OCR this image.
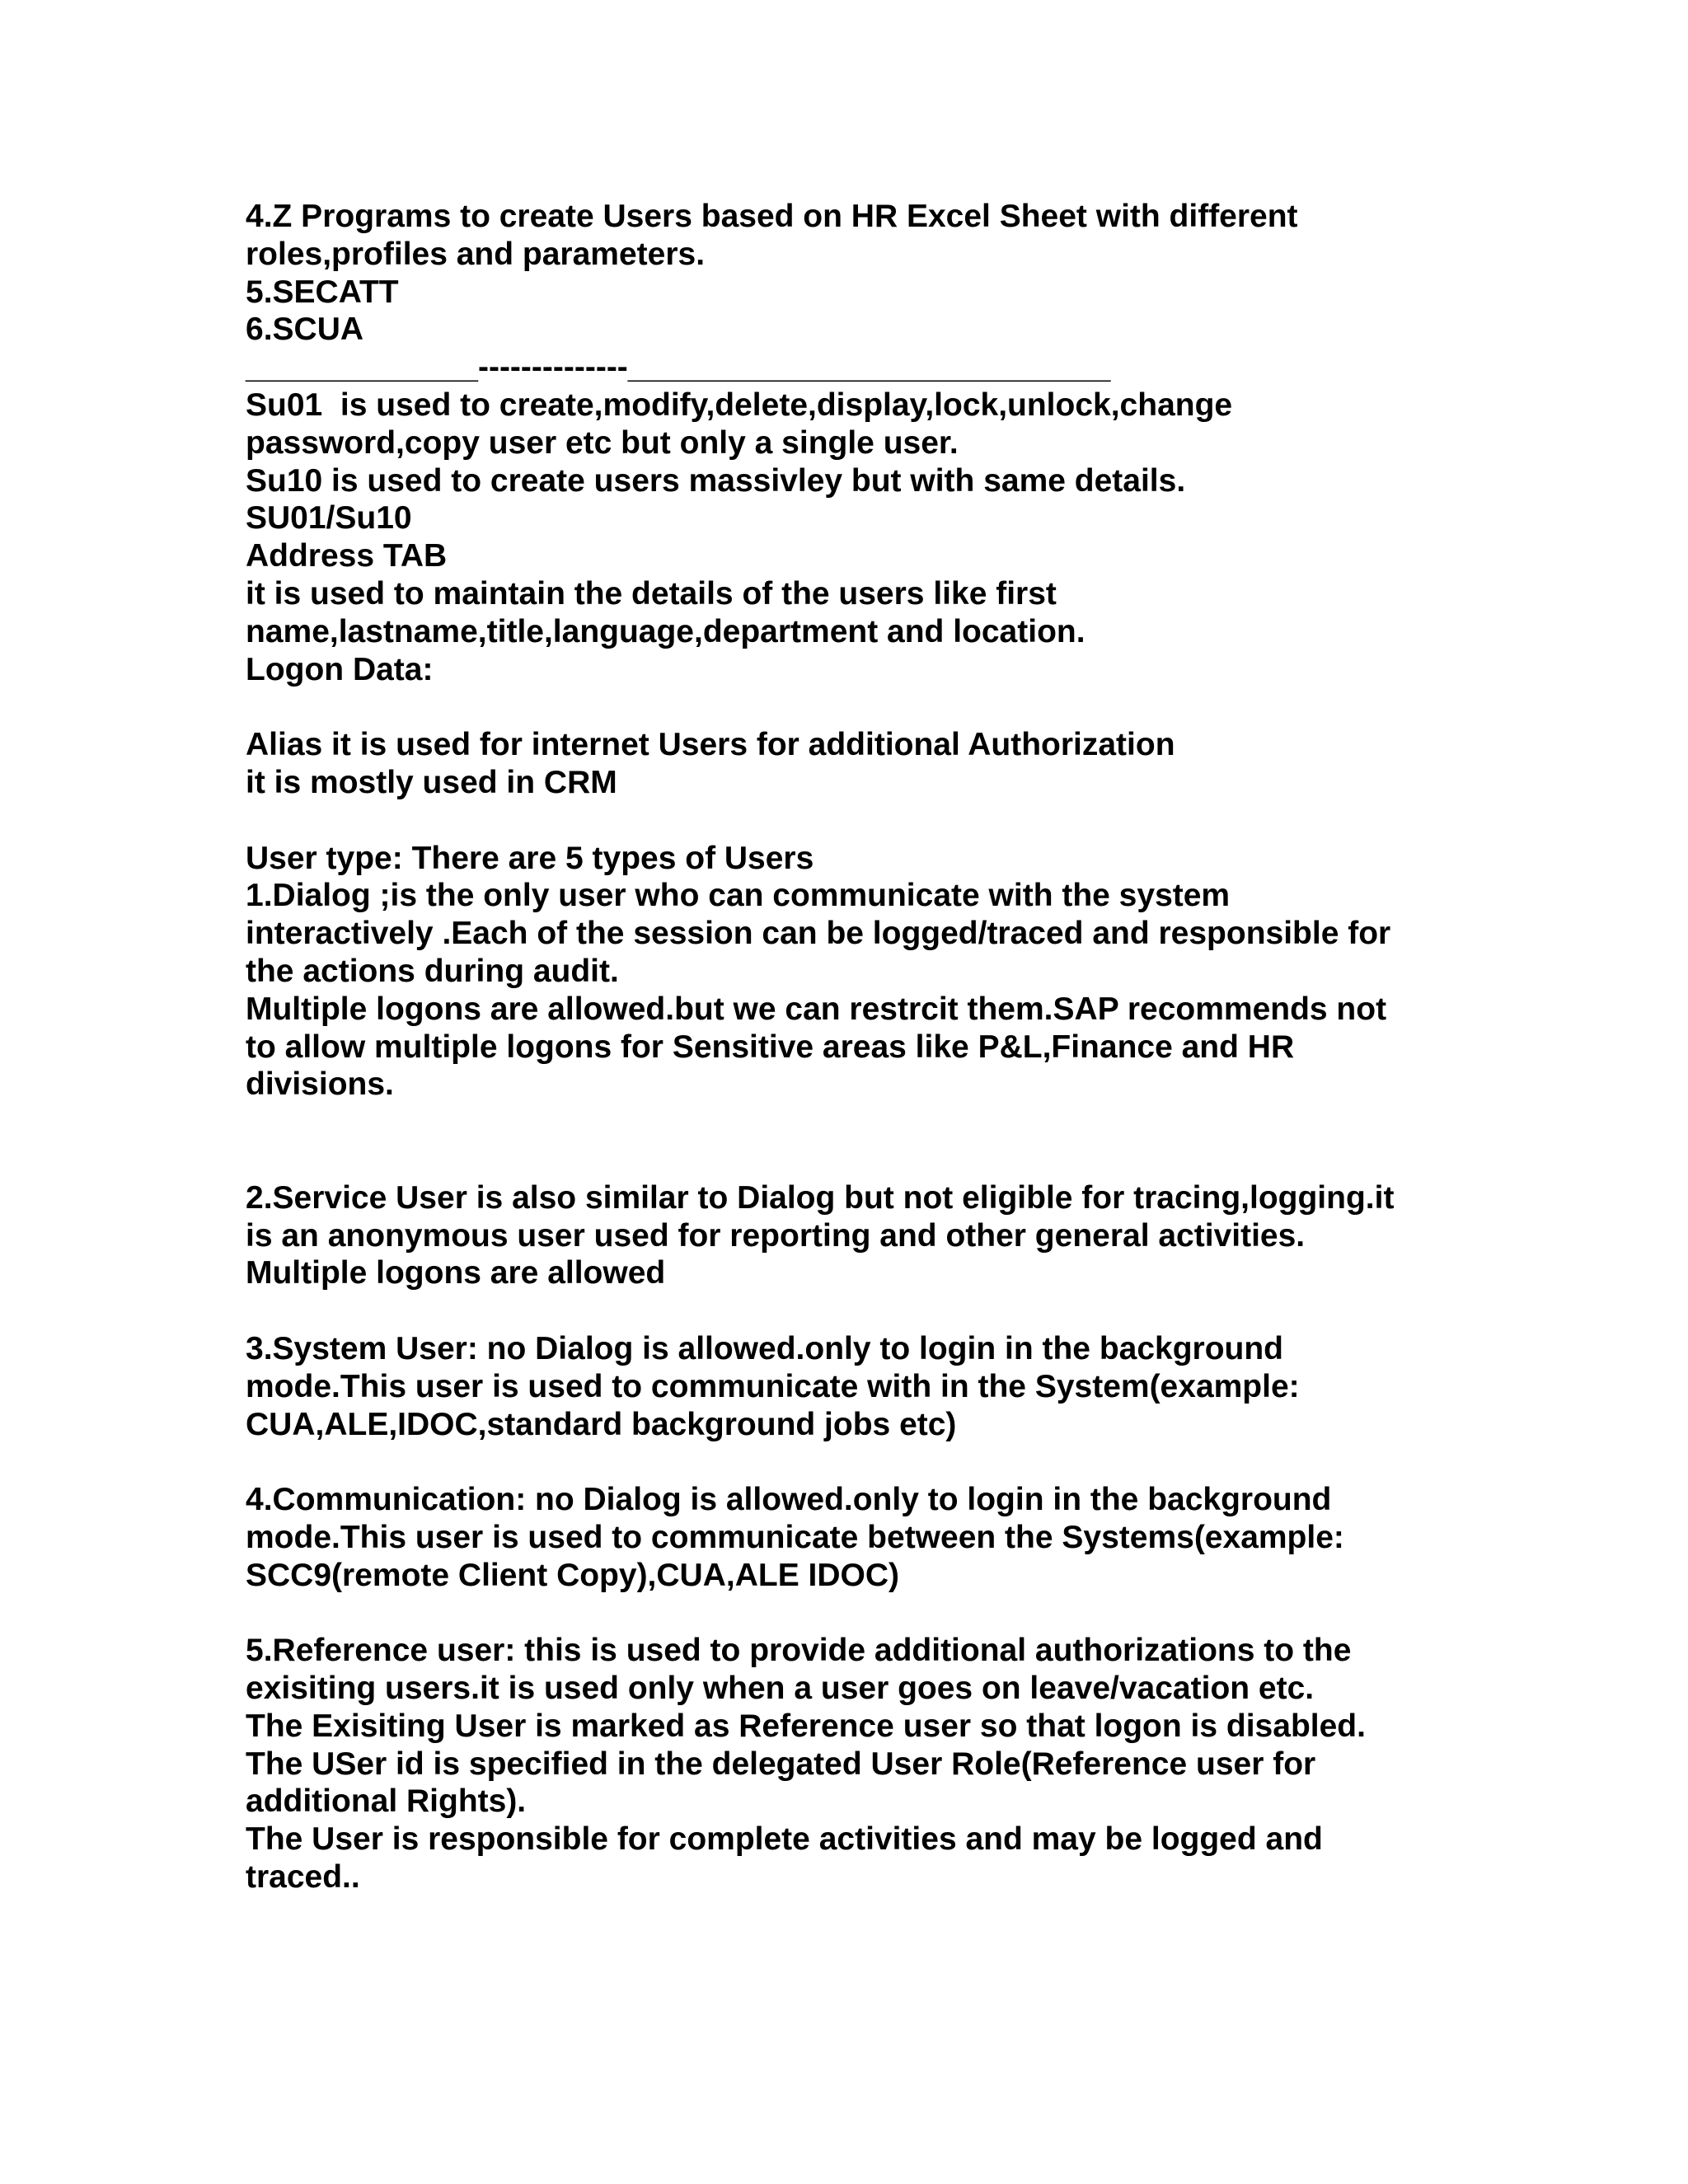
4.Z Programs to create Users based on HR Excel Sheet with different
roles,profiles and parameters.
5.SECATT
6.SCUA
_____________--------------___________________________
Su01  is used to create,modify,delete,display,lock,unlock,change
password,copy user etc but only a single user.
Su10 is used to create users massivley but with same details.
SU01/Su10
Address TAB
it is used to maintain the details of the users like first
name,lastname,title,language,department and location.
Logon Data:
Alias it is used for internet Users for additional Authorization
it is mostly used in CRM
User type: There are 5 types of Users
1.Dialog ;is the only user who can communicate with the system
interactively .Each of the session can be logged/traced and responsible for
the actions during audit.
Multiple logons are allowed.but we can restrcit them.SAP recommends not
to allow multiple logons for Sensitive areas like P&L,Finance and HR
divisions.
2.Service User is also similar to Dialog but not eligible for tracing,logging.it
is an anonymous user used for reporting and other general activities.
Multiple logons are allowed
3.System User: no Dialog is allowed.only to login in the background
mode.This user is used to communicate with in the System(example:
CUA,ALE,IDOC,standard background jobs etc)
4.Communication: no Dialog is allowed.only to login in the background
mode.This user is used to communicate between the Systems(example:
SCC9(remote Client Copy),CUA,ALE IDOC)
5.Reference user: this is used to provide additional authorizations to the
exisiting users.it is used only when a user goes on leave/vacation etc.
The Exisiting User is marked as Reference user so that logon is disabled.
The USer id is specified in the delegated User Role(Reference user for
additional Rights).
The User is responsible for complete activities and may be logged and
traced..
